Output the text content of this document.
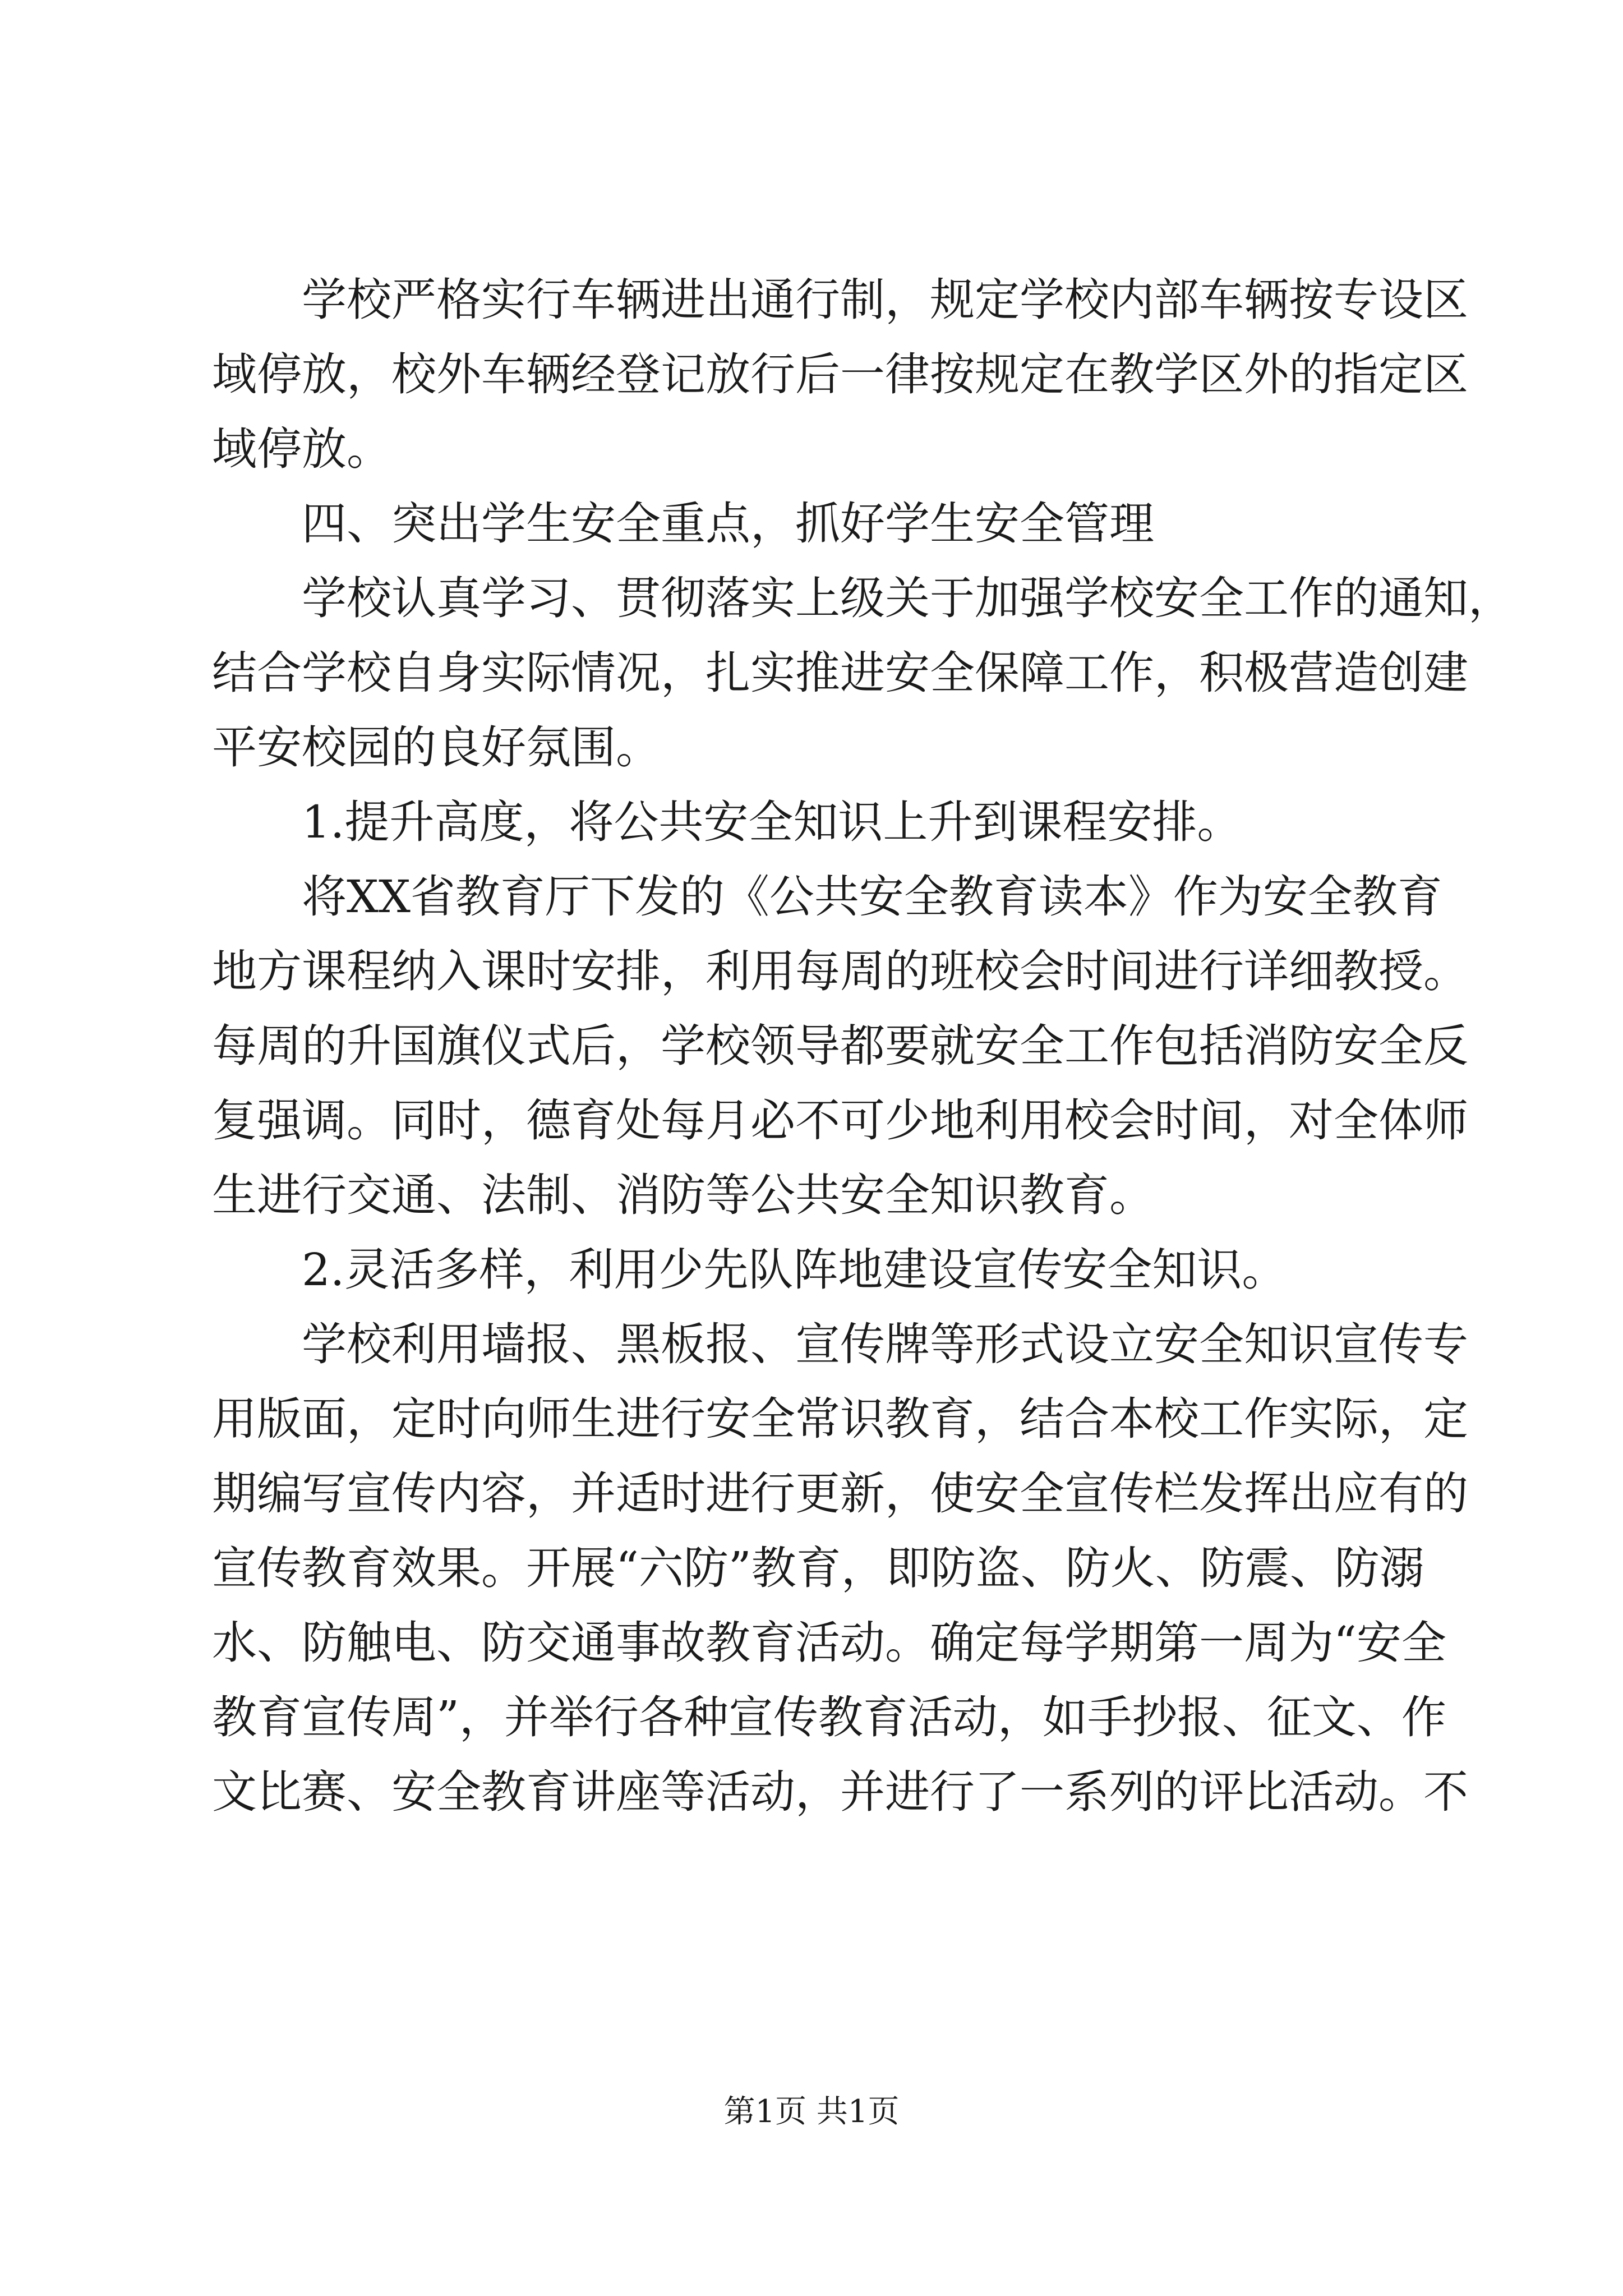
学校严格实行车辆进出通行制，规定学校内部车辆按专设区
域停放，校外车辆经登记放行后一律按规定在教学区外的指定区
域停放。
四、突出学生安全重点，抓好学生安全管理
学校认真学习、贯彻落实上级关于加强学校安全工作的通知，
结合学校自身实际情况，扎实推进安全保障工作，积极营造创建
平安校园的良好氛围。
1.提升高度，将公共安全知识上升到课程安排。
将XX省教育厅下发的《公共安全教育读本》作为安全教育
地方课程纳入课时安排，利用每周的班校会时间进行详细教授。
每周的升国旗仪式后，学校领导都要就安全工作包括消防安全反
复强调。同时，德育处每月必不可少地利用校会时间，对全体师
生进行交通、法制、消防等公共安全知识教育。
2.灵活多样，利用少先队阵地建设宣传安全知识。
学校利用墙报、黑板报、宣传牌等形式设立安全知识宣传专
用版面，定时向师生进行安全常识教育，结合本校工作实际，定
期编写宣传内容，并适时进行更新，使安全宣传栏发挥出应有的
宣传教育效果。开展“六防”教育，即防盗、防火、防震、防溺
水、防触电、防交通事故教育活动。确定每学期第一周为“安全
教育宣传周”，并举行各种宣传教育活动，如手抄报、征文、作
文比赛、安全教育讲座等活动，并进行了一系列的评比活动。不
第1页 共1页
